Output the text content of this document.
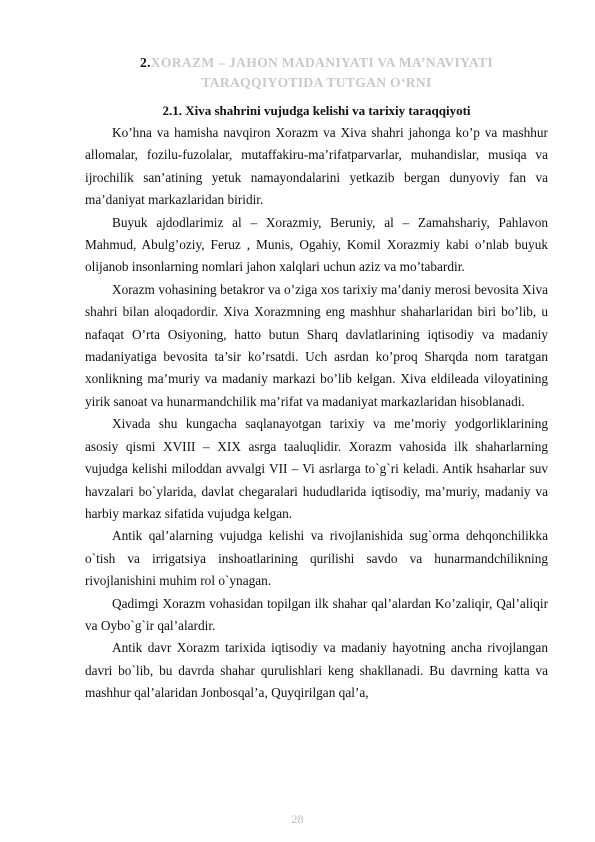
2.XORAZM – JAHON MADANIYATI VA MA’NAVIYATI
TARAQQIYOTIDA TUTGAN O‘RNI
2.1. Xiva shahrini vujudga kelishi va tarixiy taraqqiyoti

Ko’hna va hamisha navqiron Xorazm va Xiva shahri jahonga ko’p va mashhur allomalar, fozilu-fuzolalar, mutaffakiru-ma’rifatparvarlar, muhandislar, musiqa va ijrochilik san’atining yetuk namayondalarini yetkazib bergan dunyoviy fan va ma’daniyat markazlaridan biridir.

Buyuk ajdodlarimiz al – Xorazmiy, Beruniy, al – Zamahshariy, Pahlavon Mahmud, Abulg’oziy, Feruz , Munis, Ogahiy, Komil Xorazmiy kabi o’nlab buyuk olijanob insonlarning nomlari jahon xalqlari uchun aziz va mo’tabardir.

Xorazm vohasining betakror va o’ziga xos tarixiy ma’daniy merosi bevosita Xiva shahri bilan aloqadordir. Xiva Xorazmning eng mashhur shaharlaridan biri bo’lib, u nafaqat O’rta Osiyoning, hatto butun Sharq davlatlarining iqtisodiy va madaniy madaniyatiga bevosita ta’sir ko’rsatdi. Uch asrdan ko’proq Sharqda nom taratgan xonlikning ma’muriy va madaniy markazi bo’lib kelgan. Xiva eldileada viloyatining yirik sanoat va hunarmandchilik ma’rifat va madaniyat markazlaridan hisoblanadi.

Xivada shu kungacha saqlanayotgan tarixiy va me’moriy yodgorliklarining asosiy qismi XVIII – XIX asrga taaluqlidir. Xorazm vahosida ilk shaharlarning vujudga kelishi miloddan avvalgi VII – Vi asrlarga to`g`ri keladi. Antik hsaharlar suv havzalari bo`ylarida, davlat chegaralari hududlarida iqtisodiy, ma’muriy, madaniy va harbiy markaz sifatida vujudga kelgan.

Antik qal’alarning vujudga kelishi va rivojlanishida sug`orma dehqonchilikka o`tish va irrigatsiya inshoatlarining qurilishi savdo va hunarmandchilikning rivojlanishini muhim rol o`ynagan.

Qadimgi Xorazm vohasidan topilgan ilk shahar qal’alardan Ko’zaliqir, Qal’aliqir va Oybo`g`ir qal’alardir.

Antik davr Xorazm tarixida iqtisodiy va madaniy hayotning ancha rivojlangan davri bo`lib, bu davrda shahar qurulishlari keng shakllanadi. Bu davrning katta va mashhur qal’alaridan Jonbosqal’a, Quyqirilgan qal’a,

28
